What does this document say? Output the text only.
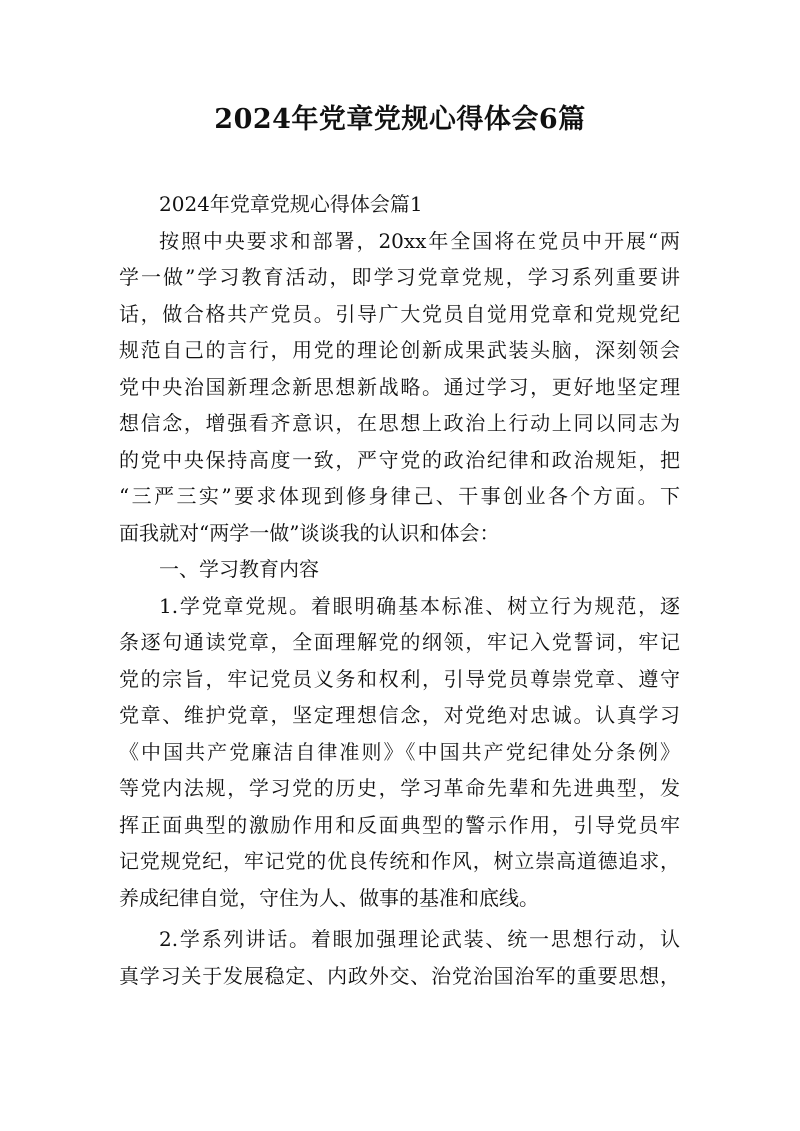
2024年党章党规心得体会6篇
2024年党章党规心得体会篇1
按照中央要求和部署，20xx年全国将在党员中开展“两
学一做”学习教育活动，即学习党章党规，学习系列重要讲
话，做合格共产党员。引导广大党员自觉用党章和党规党纪
规范自己的言行，用党的理论创新成果武装头脑，深刻领会
党中央治国新理念新思想新战略。通过学习，更好地坚定理
想信念，增强看齐意识，在思想上政治上行动上同以同志为
的党中央保持高度一致，严守党的政治纪律和政治规矩，把
“三严三实”要求体现到修身律己、干事创业各个方面。下
面我就对“两学一做”谈谈我的认识和体会：
一、学习教育内容
1.学党章党规。着眼明确基本标准、树立行为规范，逐
条逐句通读党章，全面理解党的纲领，牢记入党誓词，牢记
党的宗旨，牢记党员义务和权利，引导党员尊崇党章、遵守
党章、维护党章，坚定理想信念，对党绝对忠诚。认真学习
《中国共产党廉洁自律准则》《中国共产党纪律处分条例》
等党内法规，学习党的历史，学习革命先辈和先进典型，发
挥正面典型的激励作用和反面典型的警示作用，引导党员牢
记党规党纪，牢记党的优良传统和作风，树立崇高道德追求，
养成纪律自觉，守住为人、做事的基准和底线。
2.学系列讲话。着眼加强理论武装、统一思想行动，认
真学习关于发展稳定、内政外交、治党治国治军的重要思想，
